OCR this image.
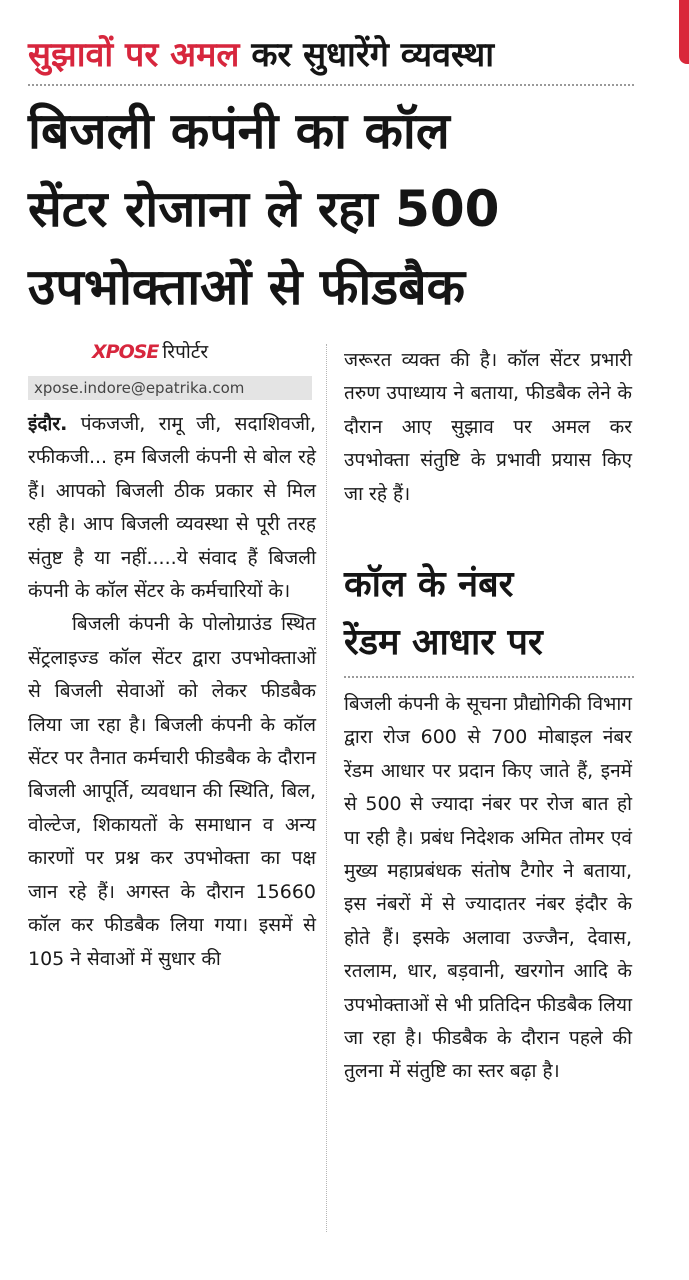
सुझावों पर अमल कर सुधारेंगे व्यवस्था
बिजली कपंनी का कॉल
सेंटर रोजाना ले रहा 500
उपभोक्ताओं से फीडबैक
XPOSE रिपोर्टर
xpose.indore@epatrika.com

इंदौर. पंकजजी, रामू जी, सदाशिवजी, रफीकजी... हम बिजली कंपनी से बोल रहे हैं। आपको बिजली ठीक प्रकार से मिल रही है। आप बिजली व्यवस्था से पूरी तरह संतुष्ट है या नहीं.....ये संवाद हैं बिजली कंपनी के कॉल सेंटर के कर्मचारियों के।

बिजली कंपनी के पोलोग्राउंड स्थित सेंट्रलाइज्ड कॉल सेंटर द्वारा उपभोक्ताओं से बिजली सेवाओं को लेकर फीडबैक लिया जा रहा है। बिजली कंपनी के कॉल सेंटर पर तैनात कर्मचारी फीडबैक के दौरान बिजली आपूर्ति, व्यवधान की स्थिति, बिल, वोल्टेज, शिकायतों के समाधान व अन्य कारणों पर प्रश्न कर उपभोक्ता का पक्ष जान रहे हैं। अगस्त के दौरान 15660 कॉल कर फीडबैक लिया गया। इसमें से 105 ने सेवाओं में सुधार की

जरूरत व्यक्त की है। कॉल सेंटर प्रभारी तरुण उपाध्याय ने बताया, फीडबैक लेने के दौरान आए सुझाव पर अमल कर उपभोक्ता संतुष्टि के प्रभावी प्रयास किए जा रहे हैं।

कॉल के नंबर
रेंडम आधार पर

बिजली कंपनी के सूचना प्रौद्योगिकी विभाग द्वारा रोज 600 से 700 मोबाइल नंबर रेंडम आधार पर प्रदान किए जाते हैं, इनमें से 500 से ज्यादा नंबर पर रोज बात हो पा रही है। प्रबंध निदेशक अमित तोमर एवं मुख्य महाप्रबंधक संतोष टैगोर ने बताया, इस नंबरों में से ज्यादातर नंबर इंदौर के होते हैं। इसके अलावा उज्जैन, देवास, रतलाम, धार, बड़वानी, खरगोन आदि के उपभोक्ताओं से भी प्रतिदिन फीडबैक लिया जा रहा है। फीडबैक के दौरान पहले की तुलना में संतुष्टि का स्तर बढ़ा है।
